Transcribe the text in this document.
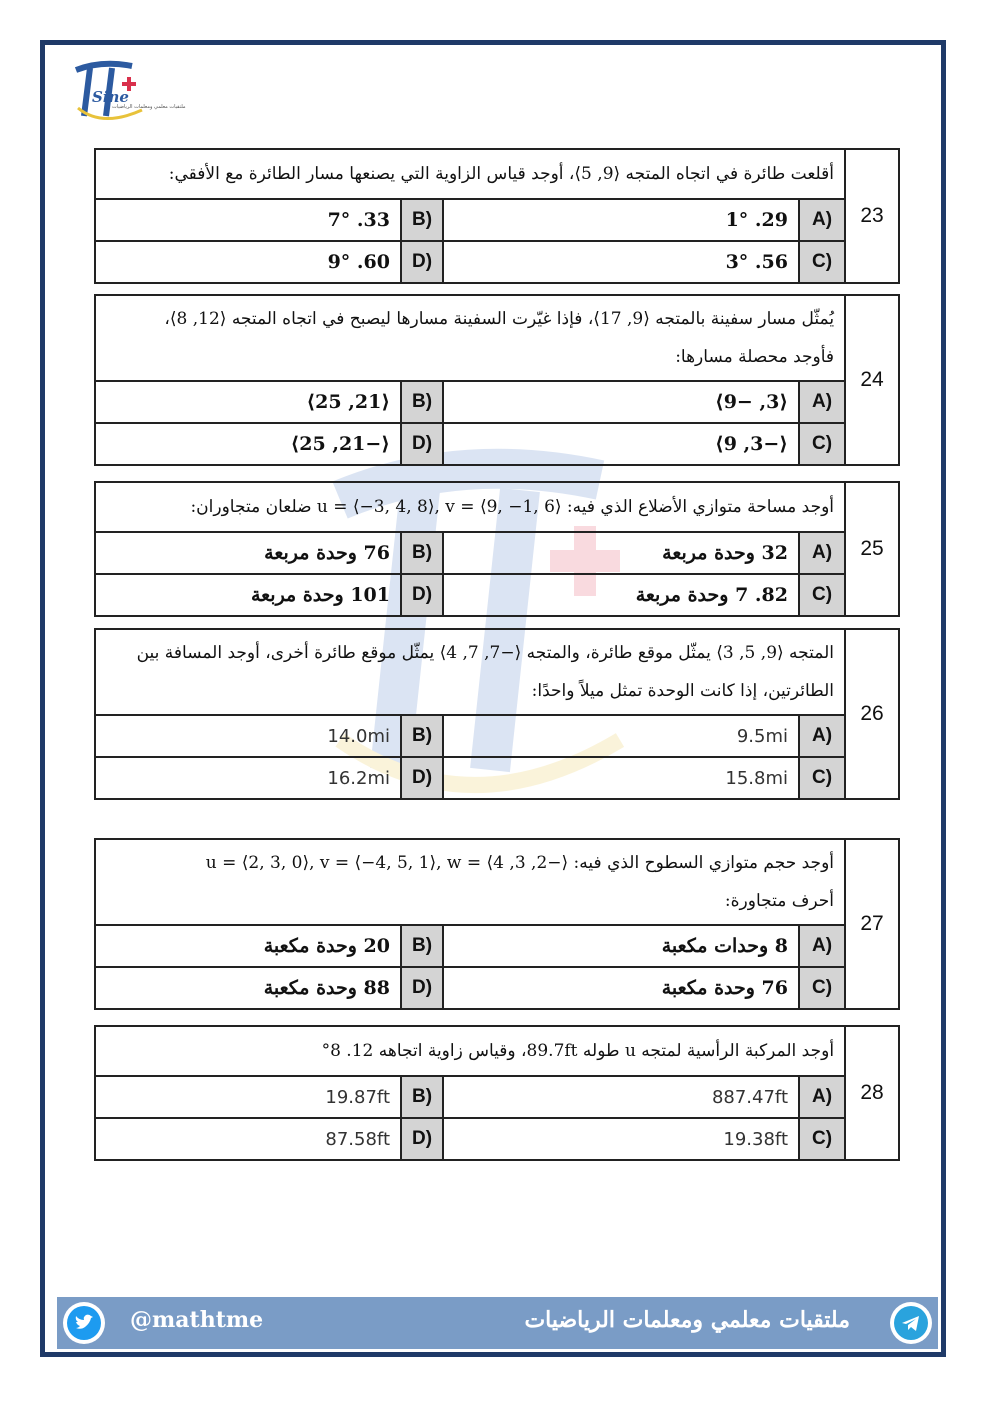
Sine
ملتقيات معلمي ومعلمات الرياضيات
أقلعت طائرة في اتجاه المتجه ⟨9, 5⟩، أوجد قياس الزاوية التي يصنعها مسار الطائرة مع الأفقي:				23
33. 7°	B)	29. 1°	A)	
60. 9°	D)	56. 3°	C)	
يُمثّل مسار سفينة بالمتجه ⟨9, 17⟩، فإذا غيّرت السفينة مسارها ليصبح في اتجاه المتجه ⟨12, 8⟩،
فأوجد محصلة مسارها:				24
⟨21, 25⟩	B)	⟨3, −9⟩	A)	
⟨−21, 25⟩	D)	⟨−3, 9⟩	C)	
أوجد مساحة متوازي الأضلاع الذي فيه: u = ⟨−3, 4, 8⟩, v = ⟨9, −1, 6⟩ ضلعان متجاوران:				25
76 وحدة مربعة	B)	32 وحدة مربعة	A)	
101 وحدة مربعة	D)	82. 7 وحدة مربعة	C)	
المتجه ⟨9, 5, 3⟩ يمثّل موقع طائرة، والمتجه ⟨−7, 7, 4⟩ يمثّل موقع طائرة أخرى، أوجد المسافة بين
الطائرتين، إذا كانت الوحدة تمثل ميلاً واحدًا:				26
14.0mi	B)	9.5mi	A)	
16.2mi	D)	15.8mi	C)	
أوجد حجم متوازي السطوح الذي فيه: ⟨−2, 3, 4⟩ = u = ⟨2, 3, 0⟩, v = ⟨−4, 5, 1⟩, w
أحرف متجاورة:				27
20 وحدة مكعبة	B)	8 وحدات مكعبة	A)	
88 وحدة مكعبة	D)	76 وحدة مكعبة	C)	
أوجد المركبة الرأسية لمتجه u طوله 89.7ft، وقياس زاوية اتجاهه 12. 8°				28
19.87ft	B)	887.47ft	A)	
87.58ft	D)	19.38ft	C)	
@mathtme	ملتقيات معلمي ومعلمات الرياضيات
